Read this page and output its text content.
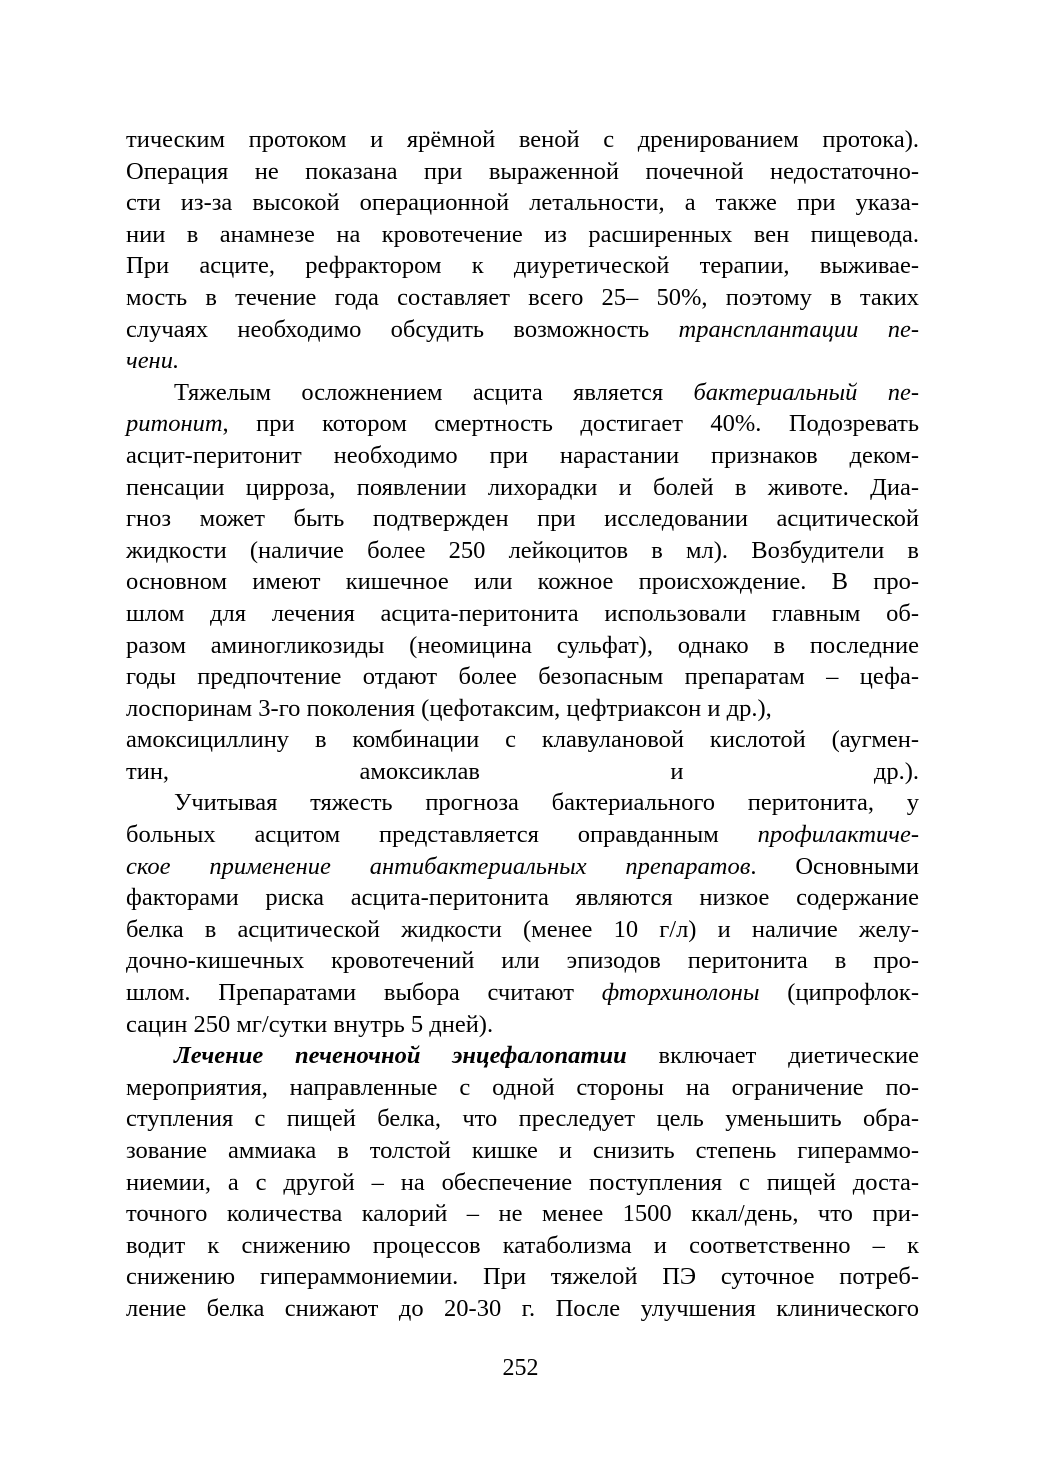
тическим протоком и ярёмной веной с дренированием протока).
Операция не показана при выраженной почечной недостаточно-
сти из-за высокой операционной летальности, а также при указа-
нии в анамнезе на кровотечение из расширенных вен пищевода.
При асците, рефрактором к диуретической терапии, выживае-
мость в течение года составляет всего 25– 50%, поэтому в таких
случаях необходимо обсудить возможность трансплантации пе-
чени.
Тяжелым осложнением асцита является бактериальный пе-
ритонит, при котором смертность достигает 40%. Подозревать
асцит-перитонит необходимо при нарастании признаков деком-
пенсации цирроза, появлении лихорадки и болей в животе. Диа-
гноз может быть подтвержден при исследовании асцитической
жидкости (наличие более 250 лейкоцитов в мл). Возбудители в
основном имеют кишечное или кожное происхождение. В про-
шлом для лечения асцита-перитонита использовали главным об-
разом аминогликозиды (неомицина сульфат), однако в последние
годы предпочтение отдают более безопасным препаратам – цефа-
лоспоринам 3-го поколения (цефотаксим, цефтриаксон и др.),
амоксициллину в комбинации с клавулановой кислотой (аугмен-
тин, амоксиклав и др.).
Учитывая тяжесть прогноза бактериального перитонита, у
больных асцитом представляется оправданным профилактиче-
ское применение антибактериальных препаратов. Основными
факторами риска асцита-перитонита являются низкое содержание
белка в асцитической жидкости (менее 10 г/л) и наличие желу-
дочно-кишечных кровотечений или эпизодов перитонита в про-
шлом. Препаратами выбора считают фторхинолоны (ципрофлок-
сацин 250 мг/сутки внутрь 5 дней).
Лечение печеночной энцефалопатии включает диетические
мероприятия, направленные с одной стороны на ограничение по-
ступления с пищей белка, что преследует цель уменьшить обра-
зование аммиака в толстой кишке и снизить степень гипераммо-
ниемии, а с другой – на обеспечение поступления с пищей доста-
точного количества калорий – не менее 1500 ккал/день, что при-
водит к снижению процессов катаболизма и соответственно – к
снижению гипераммониемии. При тяжелой ПЭ суточное потреб-
ление белка снижают до 20-30 г. После улучшения клинического
252
